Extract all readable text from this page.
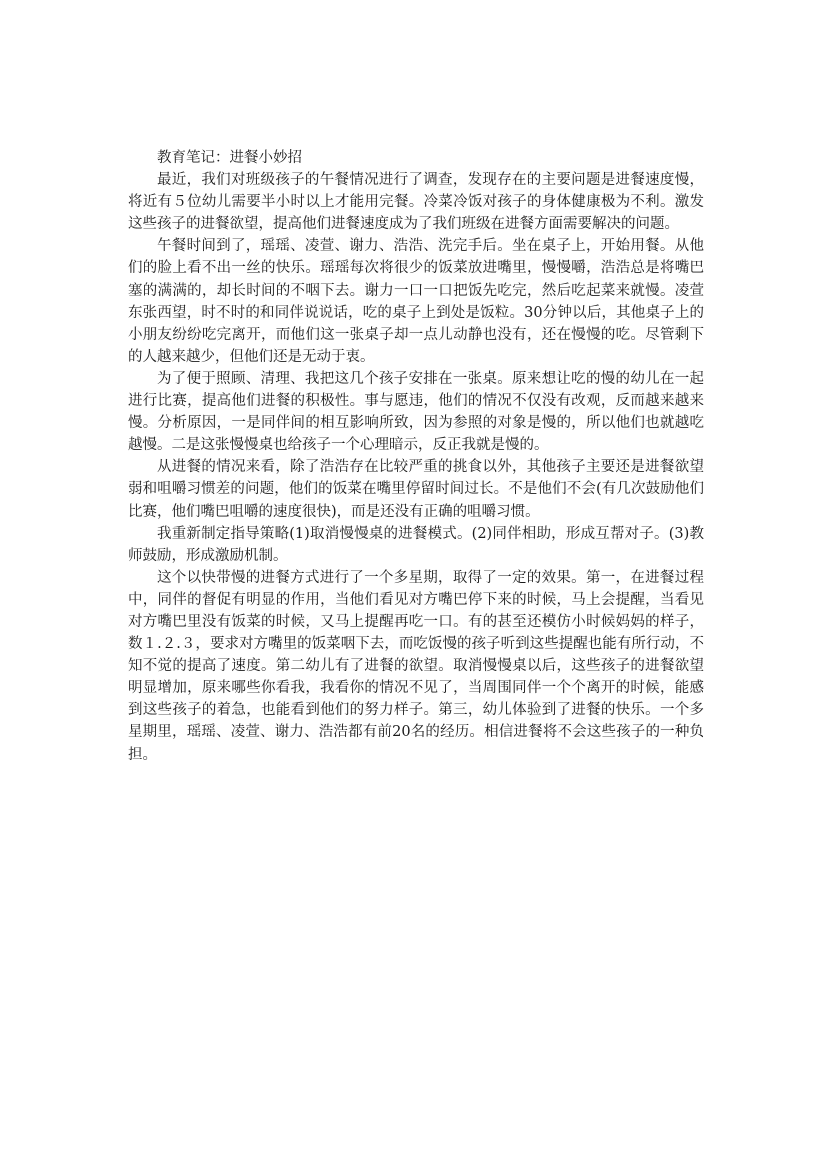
教育笔记：进餐小妙招

最近，我们对班级孩子的午餐情况进行了调查，发现存在的主要问题是进餐速度慢，将近有５位幼儿需要半小时以上才能用完餐。冷菜冷饭对孩子的身体健康极为不利。激发这些孩子的进餐欲望，提高他们进餐速度成为了我们班级在进餐方面需要解决的问题。

午餐时间到了，瑶瑶、凌萱、谢力、浩浩、洗完手后。坐在桌子上，开始用餐。从他们的脸上看不出一丝的快乐。瑶瑶每次将很少的饭菜放进嘴里，慢慢嚼，浩浩总是将嘴巴塞的满满的，却长时间的不咽下去。谢力一口一口把饭先吃完，然后吃起菜来就慢。凌萱东张西望，时不时的和同伴说说话，吃的桌子上到处是饭粒。30分钟以后，其他桌子上的小朋友纷纷吃完离开，而他们这一张桌子却一点儿动静也没有，还在慢慢的吃。尽管剩下的人越来越少，但他们还是无动于衷。

为了便于照顾、清理、我把这几个孩子安排在一张桌。原来想让吃的慢的幼儿在一起进行比赛，提高他们进餐的积极性。事与愿违，他们的情况不仅没有改观，反而越来越来慢。分析原因，一是同伴间的相互影响所致，因为参照的对象是慢的，所以他们也就越吃越慢。二是这张慢慢桌也给孩子一个心理暗示，反正我就是慢的。

从进餐的情况来看，除了浩浩存在比较严重的挑食以外，其他孩子主要还是进餐欲望弱和咀嚼习惯差的问题，他们的饭菜在嘴里停留时间过长。不是他们不会(有几次鼓励他们比赛，他们嘴巴咀嚼的速度很快)，而是还没有正确的咀嚼习惯。

我重新制定指导策略(1)取消慢慢桌的进餐模式。(2)同伴相助，形成互帮对子。(3)教师鼓励，形成激励机制。

这个以快带慢的进餐方式进行了一个多星期，取得了一定的效果。第一，在进餐过程中，同伴的督促有明显的作用，当他们看见对方嘴巴停下来的时候，马上会提醒，当看见对方嘴巴里没有饭菜的时候，又马上提醒再吃一口。有的甚至还模仿小时候妈妈的样子，数１.２.３，要求对方嘴里的饭菜咽下去，而吃饭慢的孩子听到这些提醒也能有所行动，不知不觉的提高了速度。第二幼儿有了进餐的欲望。取消慢慢桌以后，这些孩子的进餐欲望明显增加，原来哪些你看我，我看你的情况不见了，当周围同伴一个个离开的时候，能感到这些孩子的着急，也能看到他们的努力样子。第三，幼儿体验到了进餐的快乐。一个多星期里，瑶瑶、凌萱、谢力、浩浩都有前20名的经历。相信进餐将不会这些孩子的一种负担。
